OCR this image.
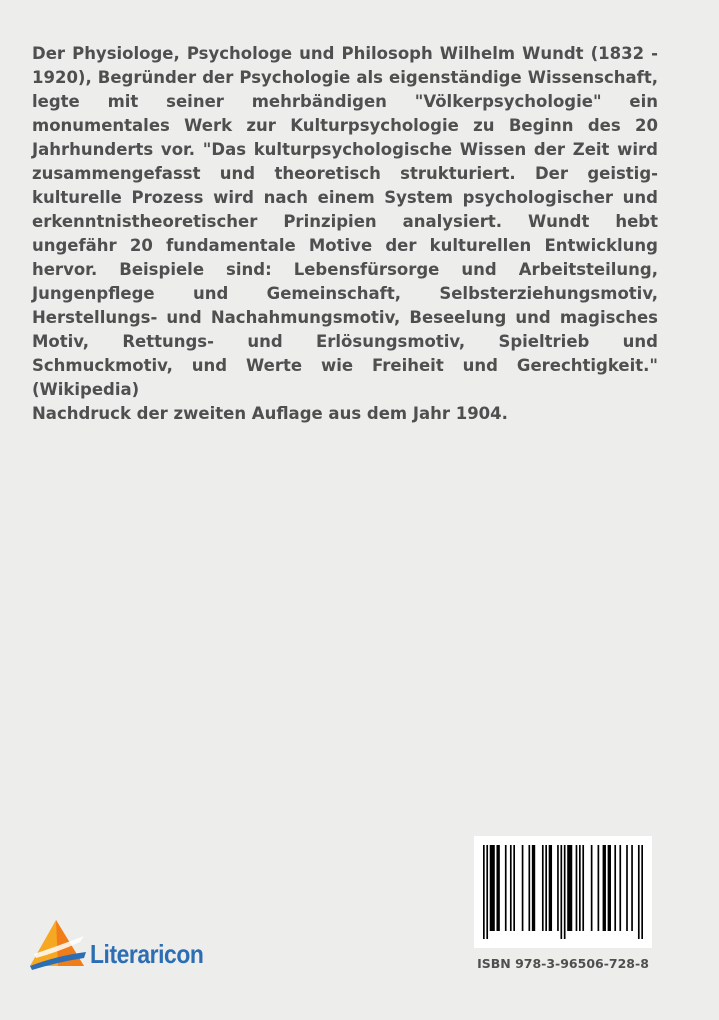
Der Physiologe, Psychologe und Philosoph Wilhelm Wundt (1832 - 1920), Begründer der Psychologie als eigenständige Wissenschaft, legte mit seiner mehrbändigen "Völkerpsychologie" ein monumentales Werk zur Kulturpsychologie zu Beginn des 20 Jahrhunderts vor. "Das kulturpsychologische Wissen der Zeit wird zusammengefasst und theoretisch strukturiert. Der geistig-kulturelle Prozess wird nach einem System psychologischer und erkenntnistheoretischer Prinzipien analysiert. Wundt hebt ungefähr 20 fundamentale Motive der kulturellen Entwicklung hervor. Beispiele sind: Lebensfürsorge und Arbeitsteilung, Jungenpflege und Gemeinschaft, Selbsterziehungsmotiv, Herstellungs- und Nachahmungsmotiv, Beseelung und magisches Motiv, Rettungs- und Erlösungsmotiv, Spieltrieb und Schmuckmotiv, und Werte wie Freiheit und Gerechtigkeit." (Wikipedia)

Nachdruck der zweiten Auflage aus dem Jahr 1904.

ISBN 978-3-96506-728-8
Literaricon
